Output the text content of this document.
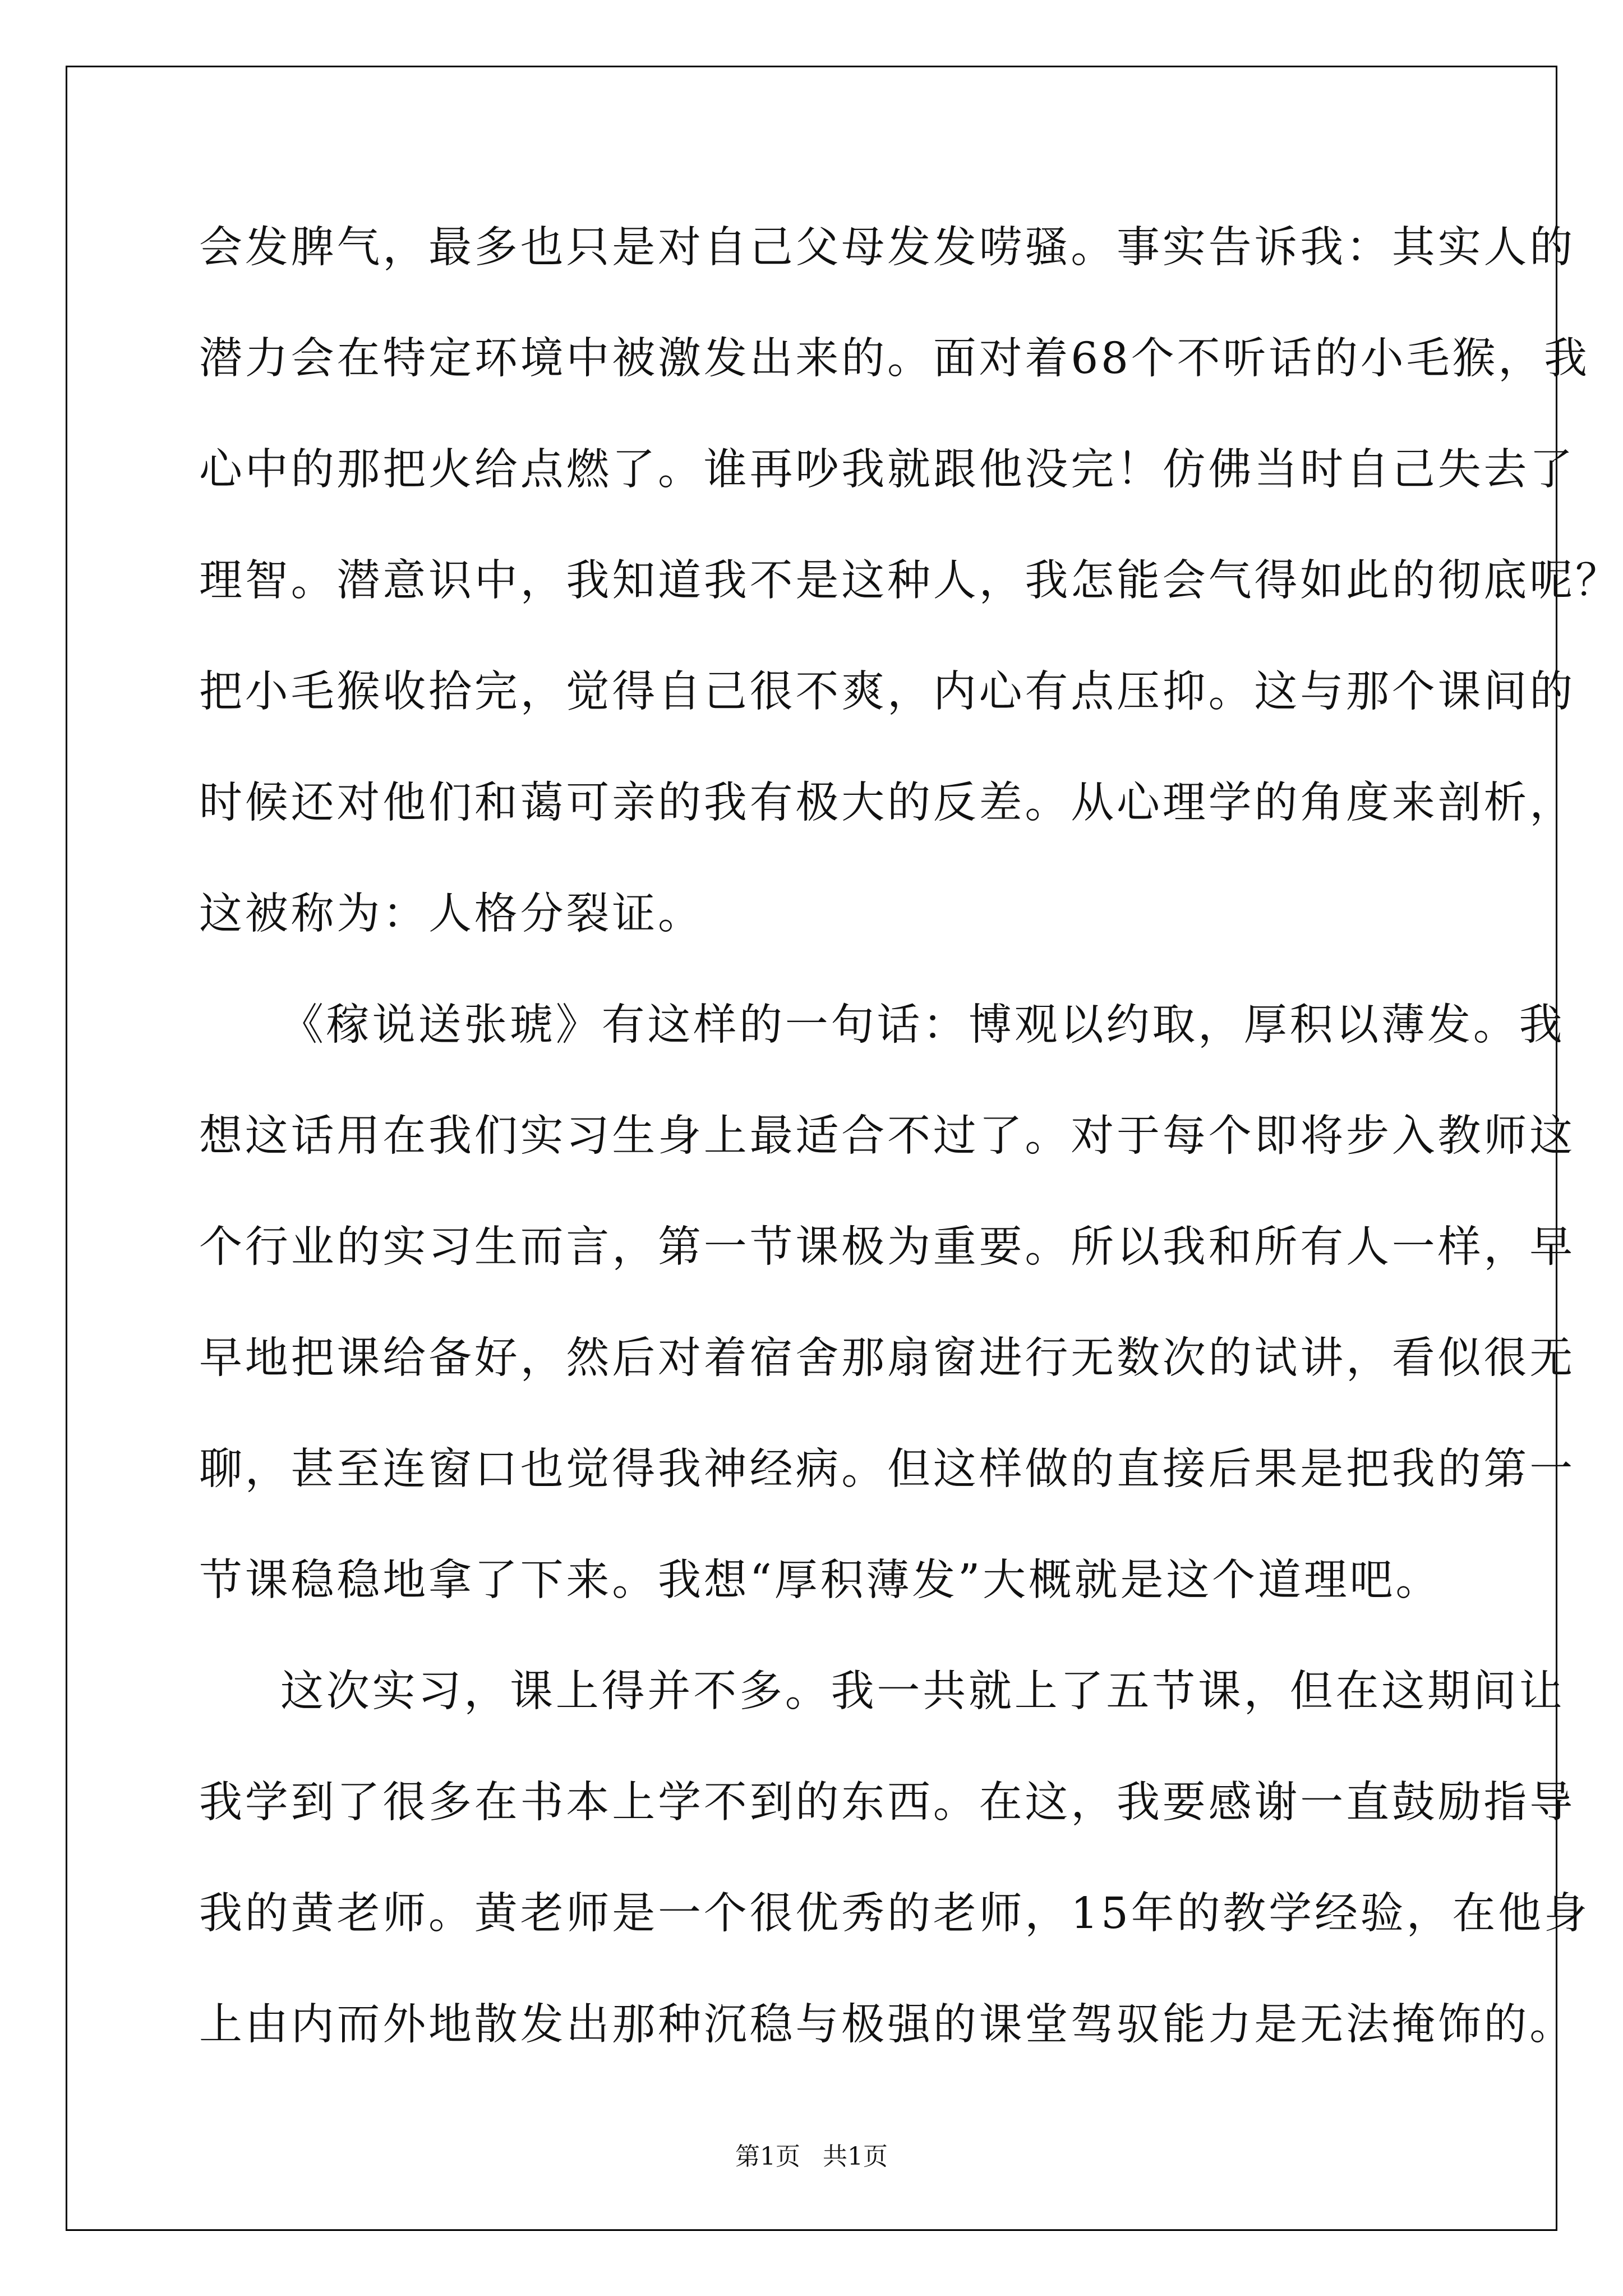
会发脾气，最多也只是对自己父母发发唠骚。事实告诉我：其实人的

潜力会在特定环境中被激发出来的。面对着68个不听话的小毛猴，我

心中的那把火给点燃了。谁再吵我就跟他没完！仿佛当时自己失去了

理智。潜意识中，我知道我不是这种人，我怎能会气得如此的彻底呢？

把小毛猴收拾完，觉得自己很不爽，内心有点压抑。这与那个课间的

时候还对他们和蔼可亲的我有极大的反差。从心理学的角度来剖析，

这被称为：人格分裂证。

《稼说送张琥》有这样的一句话：博观以约取，厚积以薄发。我

想这话用在我们实习生身上最适合不过了。对于每个即将步入教师这

个行业的实习生而言，第一节课极为重要。所以我和所有人一样，早

早地把课给备好，然后对着宿舍那扇窗进行无数次的试讲，看似很无

聊，甚至连窗口也觉得我神经病。但这样做的直接后果是把我的第一

节课稳稳地拿了下来。我想“厚积薄发”大概就是这个道理吧。

这次实习，课上得并不多。我一共就上了五节课，但在这期间让

我学到了很多在书本上学不到的东西。在这，我要感谢一直鼓励指导

我的黄老师。黄老师是一个很优秀的老师，15年的教学经验，在他身

上由内而外地散发出那种沉稳与极强的课堂驾驭能力是无法掩饰的。

第1页 共1页
